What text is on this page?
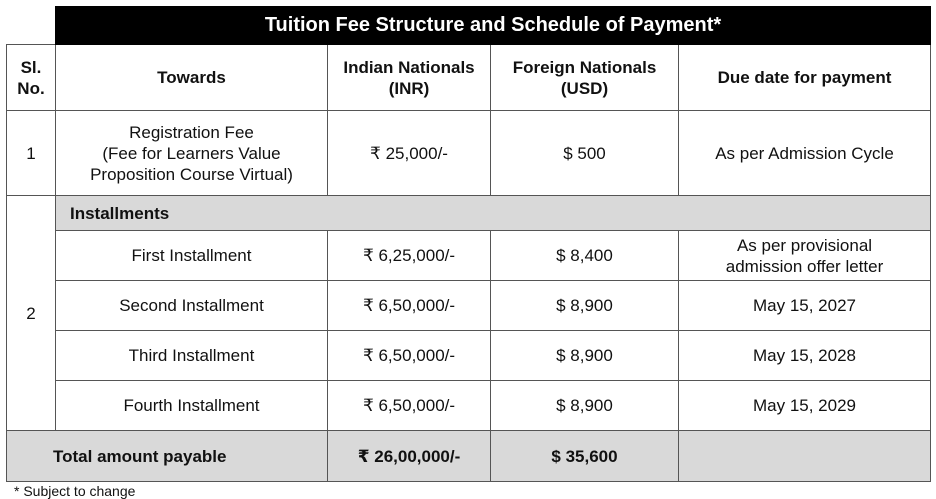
	Tuition Fee Structure and Schedule of Payment*			
Sl. No.	Towards	Indian Nationals (INR)	Foreign Nationals (USD)	Due date for payment
1	Registration Fee
(Fee for Learners Value
Proposition Course Virtual)	₹ 25,000/-	$ 500	As per Admission Cycle
2	Installments			
	First Installment	₹ 6,25,000/-	$ 8,400	As per provisional
admission offer letter

	Second Installment	₹ 6,50,000/-	$ 8,900	May 15, 2027
	Third Installment	₹ 6,50,000/-	$ 8,900	May 15, 2028
	Fourth Installment	₹ 6,50,000/-	$ 8,900	May 15, 2029
Total amount payable		₹ 26,00,000/-	$ 35,600	
* Subject to change
